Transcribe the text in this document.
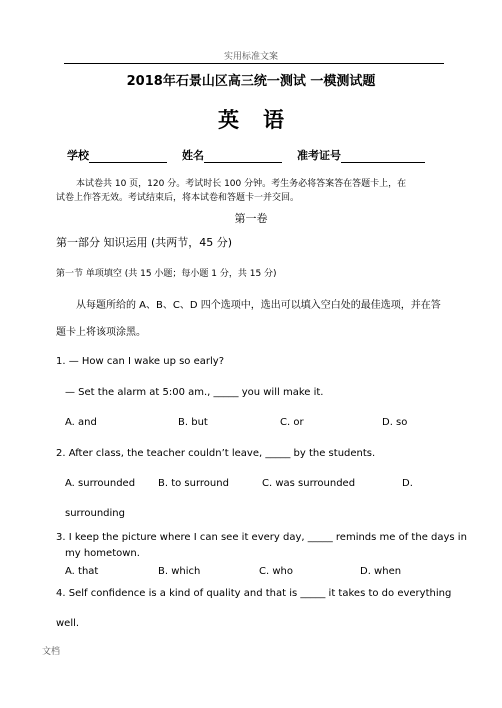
实用标准文案
2018年石景山区高三统一测试 一模测试题
英语
学校	姓名	准考证号
本试卷共 10 页，120 分。考试时长 100 分钟。考生务必将答案答在答题卡上，在
试卷上作答无效。考试结束后，将本试卷和答题卡一并交回。
第一卷
第一部分 知识运用 (共两节，45 分)
第一节 单项填空 (共 15 小题；每小题 1 分，共 15 分)
从每题所给的 A、B、C、D 四个选项中，选出可以填入空白处的最佳选项，并在答
题卡上将该项涂黑。
1. — How can I wake up so early?
— Set the alarm at 5:00 am., _____ you will make it.
A. and	B. but	C. or	D. so
2. After class, the teacher couldn’t leave, _____ by the students.
A. surrounded B. to surround	C. was surrounded	D.
surrounding
3. I keep the picture where I can see it every day, _____ reminds me of the days in
my hometown.
A. that	B. which	C. who	D. when
4. Self confidence is a kind of quality and that is _____ it takes to do everything
well.
文档
